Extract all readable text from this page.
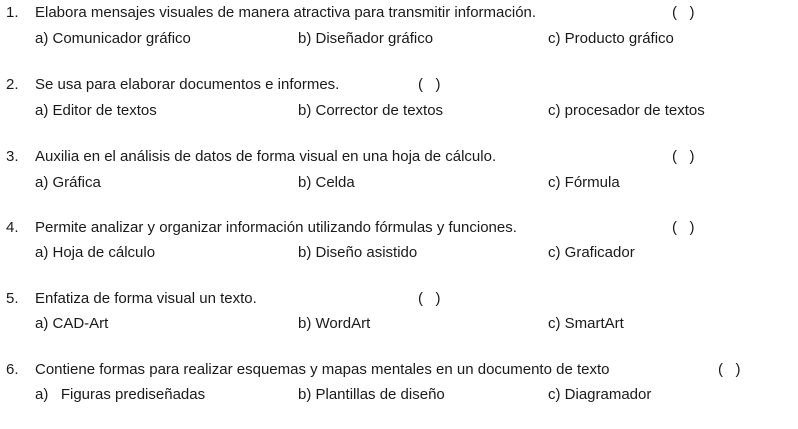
1. Elabora mensajes visuales de manera atractiva para transmitir información.	(   )
a) Comunicador gráfico	b) Diseñador gráfico	c) Producto gráfico
2. Se usa para elaborar documentos e informes.	(   )
a) Editor de textos	b) Corrector de textos	c) procesador de textos
3. Auxilia en el análisis de datos de forma visual en una hoja de cálculo.	(   )
a) Gráfica	b) Celda	c) Fórmula
4. Permite analizar y organizar información utilizando fórmulas y funciones.	(   )
a) Hoja de cálculo	b) Diseño asistido	c) Graficador
5. Enfatiza de forma visual un texto.	(   )
a) CAD-Art	b) WordArt	c) SmartArt
6. Contiene formas para realizar esquemas y mapas mentales en un documento de texto	(   )
a)   Figuras prediseñadas	b) Plantillas de diseño	c) Diagramador
